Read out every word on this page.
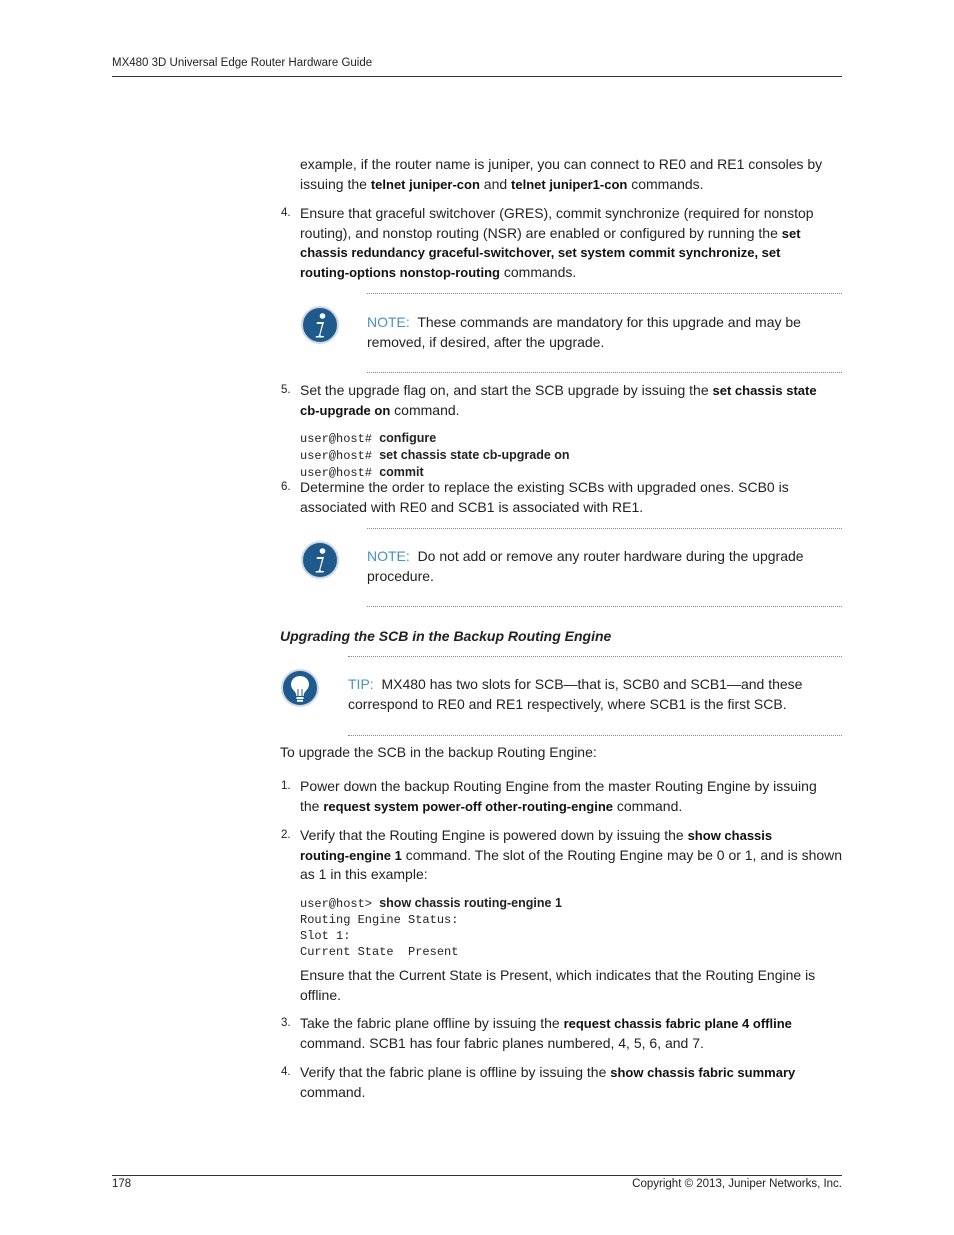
MX480 3D Universal Edge Router Hardware Guide
example, if the router name is juniper, you can connect to RE0 and RE1 consoles by
issuing the telnet juniper-con and telnet juniper1-con commands.
4. Ensure that graceful switchover (GRES), commit synchronize (required for nonstop
routing), and nonstop routing (NSR) are enabled or configured by running the set
chassis redundancy graceful-switchover, set system commit synchronize, set
routing-options nonstop-routing commands.
NOTE: These commands are mandatory for this upgrade and may be
removed, if desired, after the upgrade.
5. Set the upgrade flag on, and start the SCB upgrade by issuing the set chassis state
cb-upgrade on command.
user@host# configure
user@host# set chassis state cb-upgrade on
user@host# commit
6. Determine the order to replace the existing SCBs with upgraded ones. SCB0 is
associated with RE0 and SCB1 is associated with RE1.
NOTE: Do not add or remove any router hardware during the upgrade
procedure.
Upgrading the SCB in the Backup Routing Engine
TIP: MX480 has two slots for SCB—that is, SCB0 and SCB1—and these
correspond to RE0 and RE1 respectively, where SCB1 is the first SCB.
To upgrade the SCB in the backup Routing Engine:
1. Power down the backup Routing Engine from the master Routing Engine by issuing
the request system power-off other-routing-engine command.
2. Verify that the Routing Engine is powered down by issuing the show chassis
routing-engine 1 command. The slot of the Routing Engine may be 0 or 1, and is shown
as 1 in this example:
user@host> show chassis routing-engine 1
Routing Engine Status:
Slot 1:
Current State  Present
Ensure that the Current State is Present, which indicates that the Routing Engine is
offline.
3. Take the fabric plane offline by issuing the request chassis fabric plane 4 offline
command. SCB1 has four fabric planes numbered, 4, 5, 6, and 7.
4. Verify that the fabric plane is offline by issuing the show chassis fabric summary
command.
178	Copyright © 2013, Juniper Networks, Inc.
